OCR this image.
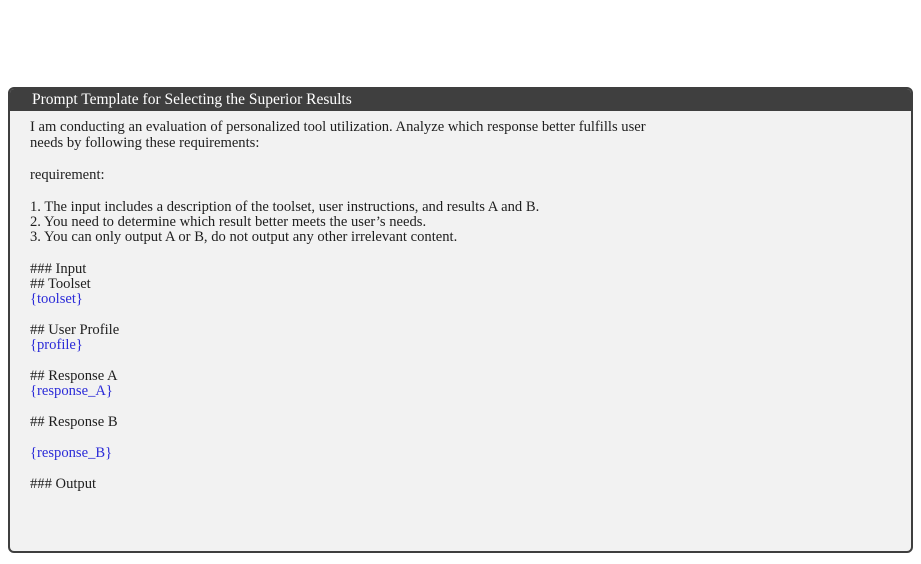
Prompt Template for Selecting the Superior Results
I am conducting an evaluation of personalized tool utilization. Analyze which response better fulfills user
needs by following these requirements:
requirement:
1. The input includes a description of the toolset, user instructions, and results A and B.
2. You need to determine which result better meets the user’s needs.
3. You can only output A or B, do not output any other irrelevant content.
### Input
## Toolset
{toolset}
## User Profile
{profile}
## Response A
{response_A}
## Response B
{response_B}
### Output
